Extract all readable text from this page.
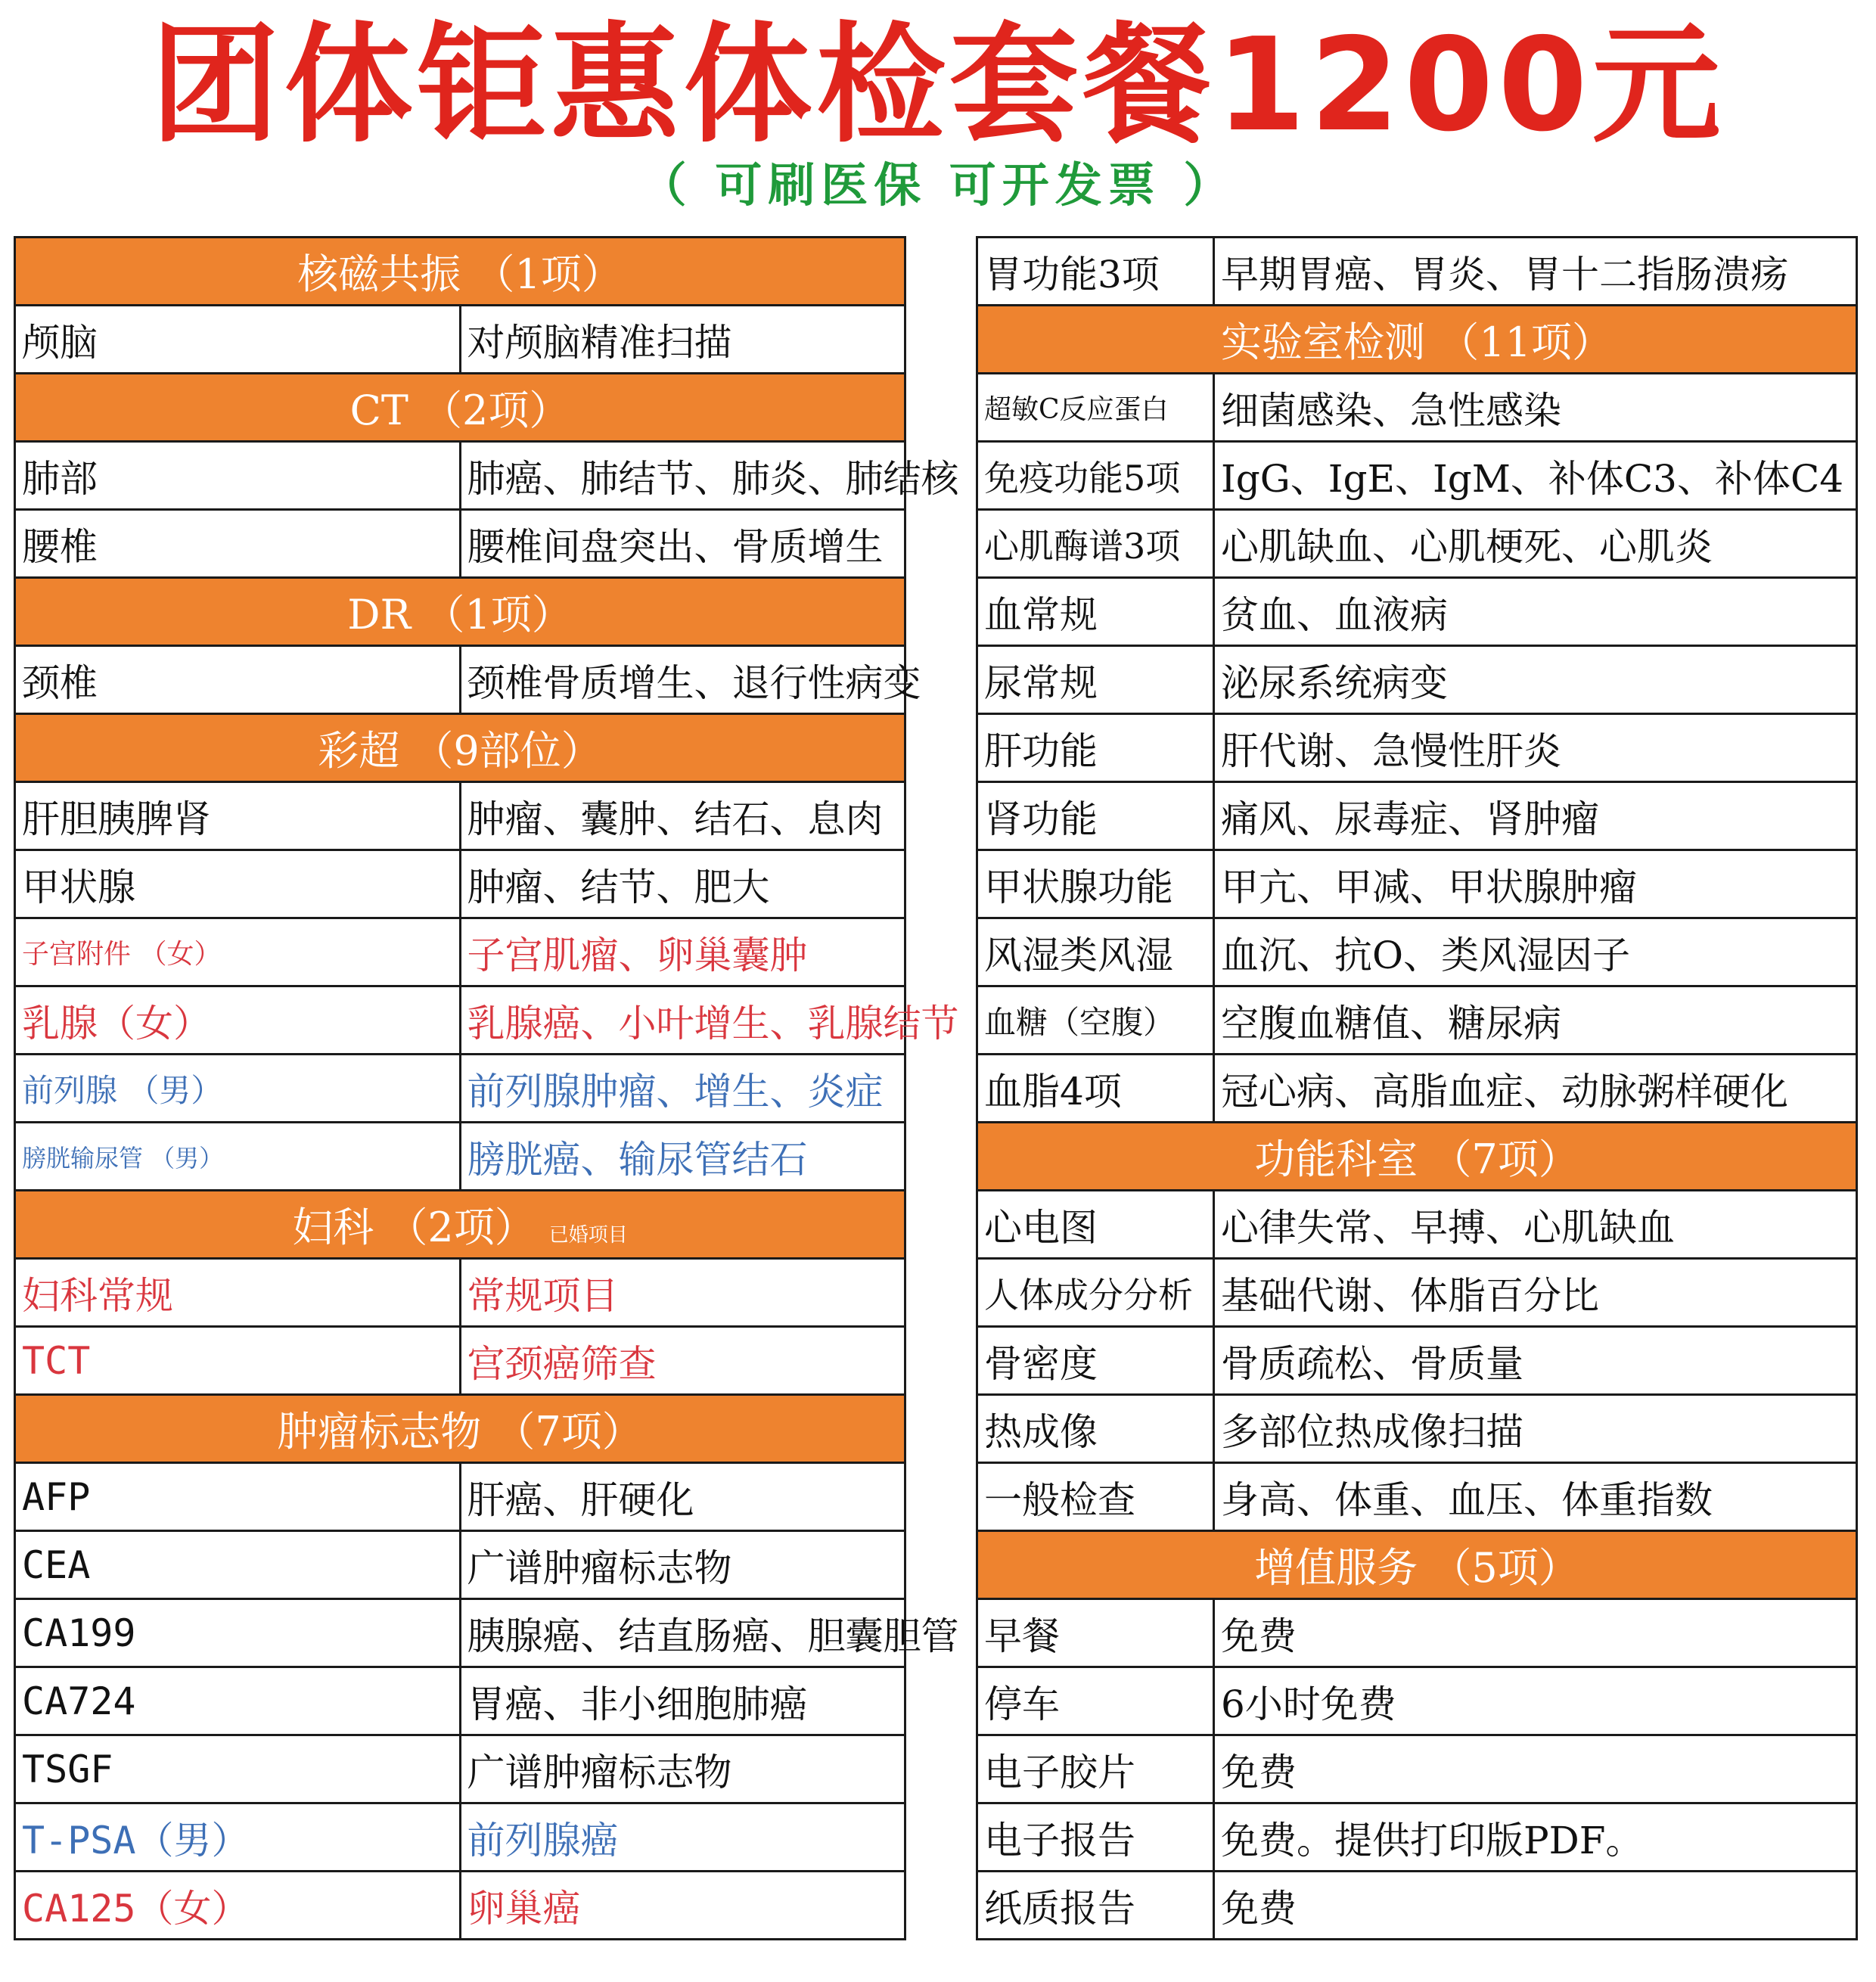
团体钜惠体检套餐1200元
（ 可刷医保 可开发票 ）
核磁共振 （1项）	
颅脑	对颅脑精准扫描
CT （2项）	
肺部	肺癌、肺结节、肺炎、肺结核
腰椎	腰椎间盘突出、骨质增生
DR （1项）	
颈椎	颈椎骨质增生、退行性病变
彩超 （9部位）	
肝胆胰脾肾	肿瘤、囊肿、结石、息肉
甲状腺	肿瘤、结节、肥大
子宫附件 （女）	子宫肌瘤、卵巢囊肿
乳腺（女）	乳腺癌、小叶增生、乳腺结节
前列腺 （男）	前列腺肿瘤、增生、炎症
膀胱输尿管 （男）	膀胱癌、输尿管结石
妇科 （2项） 已婚项目	
妇科常规	常规项目
TCT	宫颈癌筛查
肿瘤标志物 （7项）	
AFP	肝癌、肝硬化
CEA	广谱肿瘤标志物
CA199	胰腺癌、结直肠癌、胆囊胆管
CA724	胃癌、非小细胞肺癌
TSGF	广谱肿瘤标志物
T-PSA（男）	前列腺癌
CA125（女）	卵巢癌
胃功能3项	早期胃癌、胃炎、胃十二指肠溃疡
实验室检测 （11项）	
超敏C反应蛋白	细菌感染、急性感染
免疫功能5项	IgG、IgE、IgM、补体C3、补体C4
心肌酶谱3项	心肌缺血、心肌梗死、心肌炎
血常规	贫血、血液病
尿常规	泌尿系统病变
肝功能	肝代谢、急慢性肝炎
肾功能	痛风、尿毒症、肾肿瘤
甲状腺功能	甲亢、甲减、甲状腺肿瘤
风湿类风湿	血沉、抗O、类风湿因子
血糖（空腹）	空腹血糖值、糖尿病
血脂4项	冠心病、高脂血症、动脉粥样硬化
功能科室 （7项）	
心电图	心律失常、早搏、心肌缺血
人体成分分析	基础代谢、体脂百分比
骨密度	骨质疏松、骨质量
热成像	多部位热成像扫描
一般检查	身高、体重、血压、体重指数
增值服务 （5项）	
早餐	免费
停车	6小时免费
电子胶片	免费
电子报告	免费。提供打印版PDF。
纸质报告	免费
